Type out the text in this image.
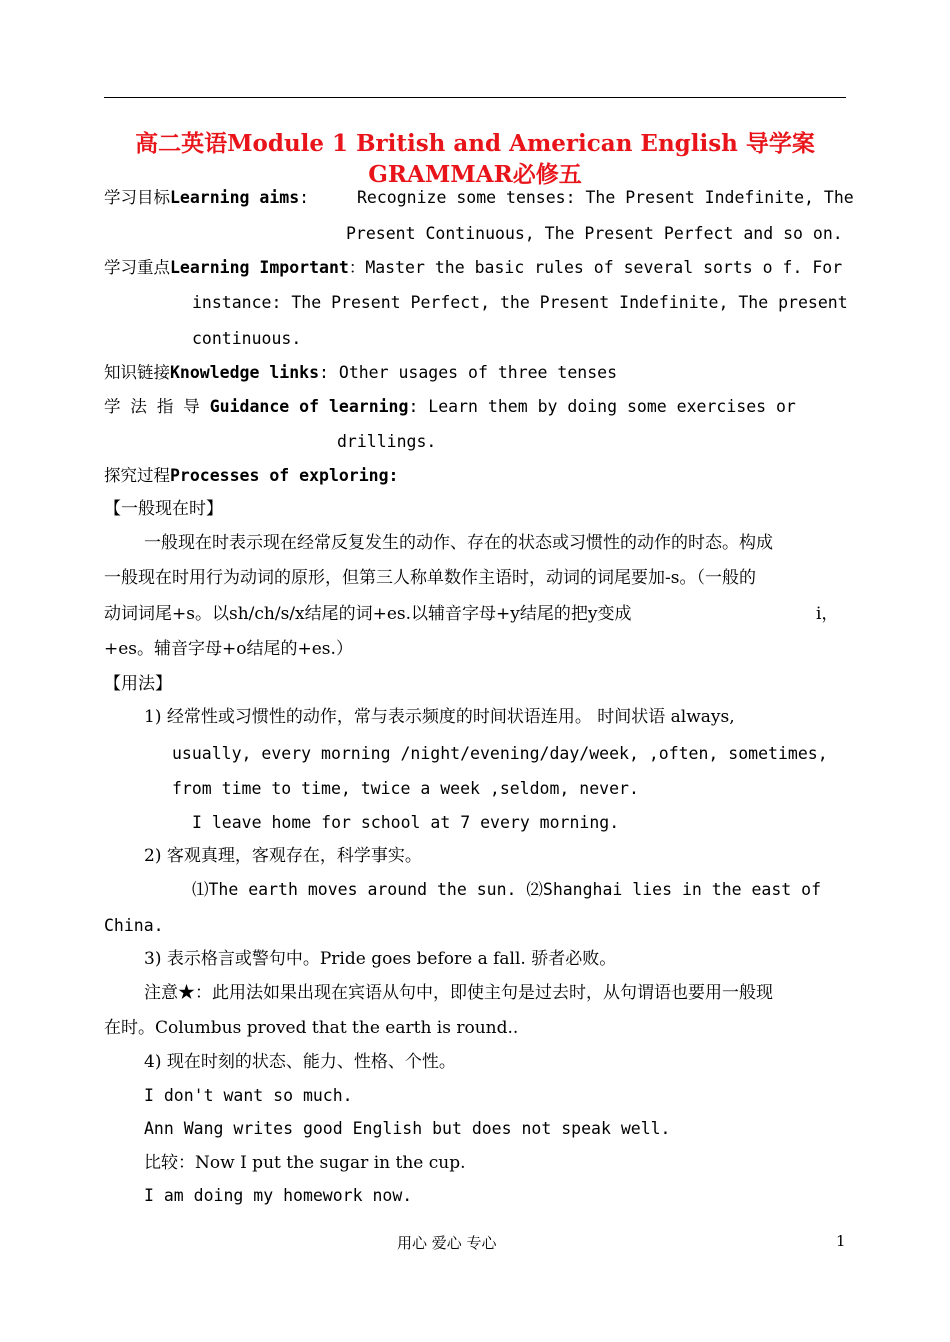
高二英语Module 1 British and American English 导学案
GRAMMAR必修五
学习目标Learning aims:	Recognize some tenses: The Present Indefinite, The
Present Continuous, The Present Perfect and so on.
学习重点Learning Important：Master the basic rules of several sorts o f. For
instance: The Present Perfect, the Present Indefinite, The present
continuous.
知识链接Knowledge links: Other usages of three tenses
学 法 指 导 Guidance of learning: Learn them by doing some exercises or
drillings.
探究过程Processes of exploring:
【一般现在时】
一般现在时表示现在经常反复发生的动作、存在的状态或习惯性的动作的时态。构成
一般现在时用行为动词的原形，但第三人称单数作主语时，动词的词尾要加-s。（一般的
动词词尾+s。以sh/ch/s/x结尾的词+es.以辅音字母+y结尾的把y变成	i，
+es。辅音字母+o结尾的+es.）
【用法】
1) 经常性或习惯性的动作，常与表示频度的时间状语连用。 时间状语 always,
usually, every morning /night/evening/day/week, ,often, sometimes,
from time to time, twice a week ,seldom, never.
I leave home for school at 7 every morning.
2) 客观真理，客观存在，科学事实。
⑴The earth moves around the sun. ⑵Shanghai lies in the east of
China.
3) 表示格言或警句中。Pride goes before a fall. 骄者必败。
注意★：此用法如果出现在宾语从句中，即使主句是过去时，从句谓语也要用一般现
在时。Columbus proved that the earth is round..
4) 现在时刻的状态、能力、性格、个性。
I don't want so much.
Ann Wang writes good English but does not speak well.
比较：Now I put the sugar in the cup.
I am doing my homework now.
用心 爱心 专心	1
